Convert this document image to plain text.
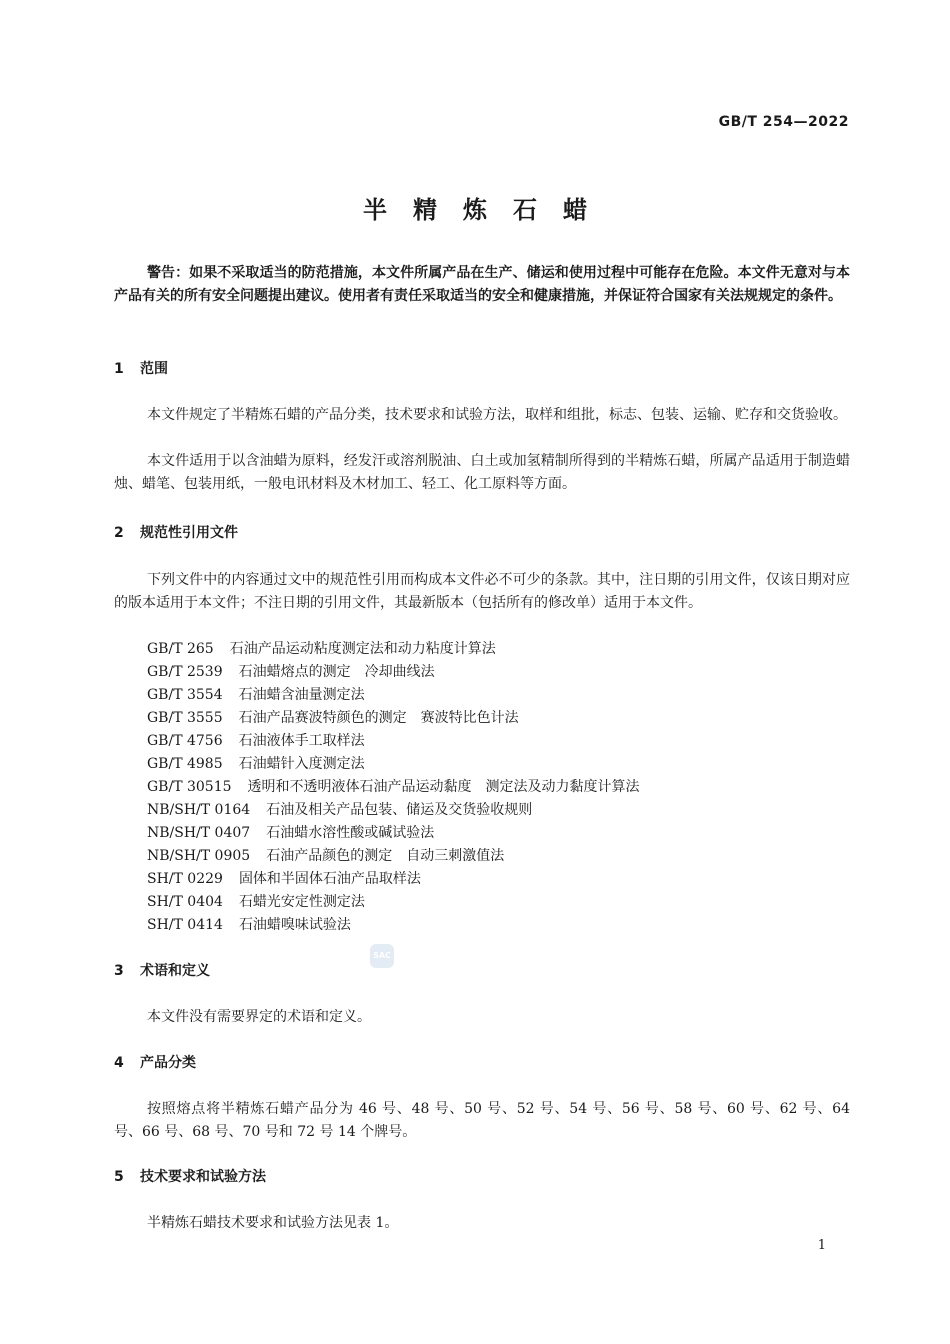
GB/T 254—2022
半精炼石蜡
警告：如果不采取适当的防范措施，本文件所属产品在生产、储运和使用过程中可能存在危险。本文件无意对与本产品有关的所有安全问题提出建议。使用者有责任采取适当的安全和健康措施，并保证符合国家有关法规规定的条件。
1 范围
本文件规定了半精炼石蜡的产品分类，技术要求和试验方法，取样和组批，标志、包装、运输、贮存和交货验收。
本文件适用于以含油蜡为原料，经发汗或溶剂脱油、白土或加氢精制所得到的半精炼石蜡，所属产品适用于制造蜡烛、蜡笔、包装用纸，一般电讯材料及木材加工、轻工、化工原料等方面。
2 规范性引用文件
下列文件中的内容通过文中的规范性引用而构成本文件必不可少的条款。其中，注日期的引用文件，仅该日期对应的版本适用于本文件；不注日期的引用文件，其最新版本（包括所有的修改单）适用于本文件。
GB/T 265 石油产品运动粘度测定法和动力粘度计算法
GB/T 2539 石油蜡熔点的测定　冷却曲线法
GB/T 3554 石油蜡含油量测定法
GB/T 3555 石油产品赛波特颜色的测定　赛波特比色计法
GB/T 4756 石油液体手工取样法
GB/T 4985 石油蜡针入度测定法
GB/T 30515 透明和不透明液体石油产品运动黏度　测定法及动力黏度计算法
NB/SH/T 0164 石油及相关产品包装、储运及交货验收规则
NB/SH/T 0407 石油蜡水溶性酸或碱试验法
NB/SH/T 0905 石油产品颜色的测定　自动三刺激值法
SH/T 0229 固体和半固体石油产品取样法
SH/T 0404 石蜡光安定性测定法
SH/T 0414 石油蜡嗅味试验法
SAC
3 术语和定义
本文件没有需要界定的术语和定义。
4 产品分类
按照熔点将半精炼石蜡产品分为 46 号、48 号、50 号、52 号、54 号、56 号、58 号、60 号、62 号、64 号、66 号、68 号、70 号和 72 号 14 个牌号。
5 技术要求和试验方法
半精炼石蜡技术要求和试验方法见表 1。
1
